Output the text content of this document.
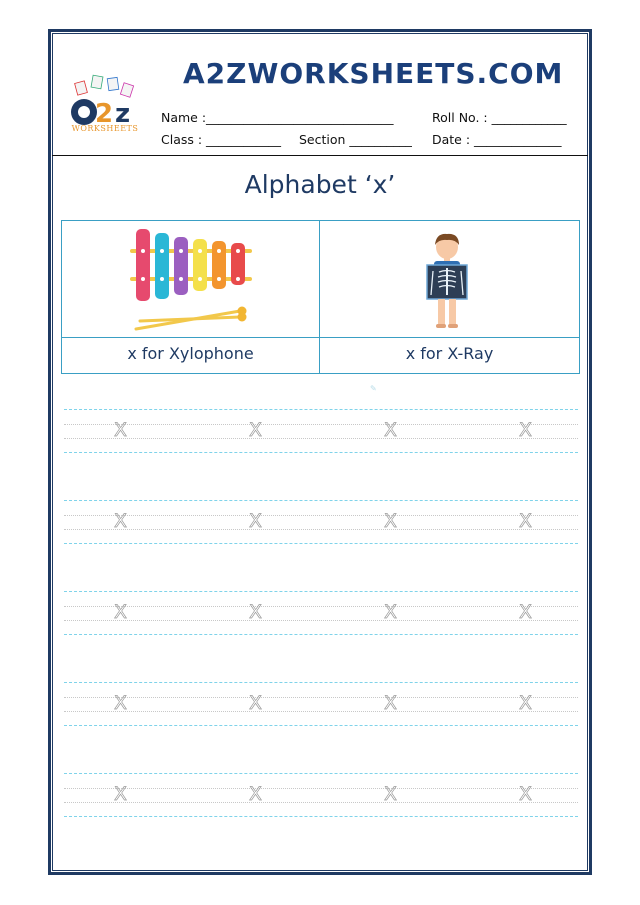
2 z
WORKSHEETS
A2ZWORKSHEETS.COM
Name :______________________________	Roll No. : ____________
Class : ____________ Section __________ Date : ______________
Alphabet ‘x’
x for Xylophone	x for X-Ray
✎
X	X	X	X
X	X	X	X
X	X	X	X
X	X	X	X
X	X	X	X
